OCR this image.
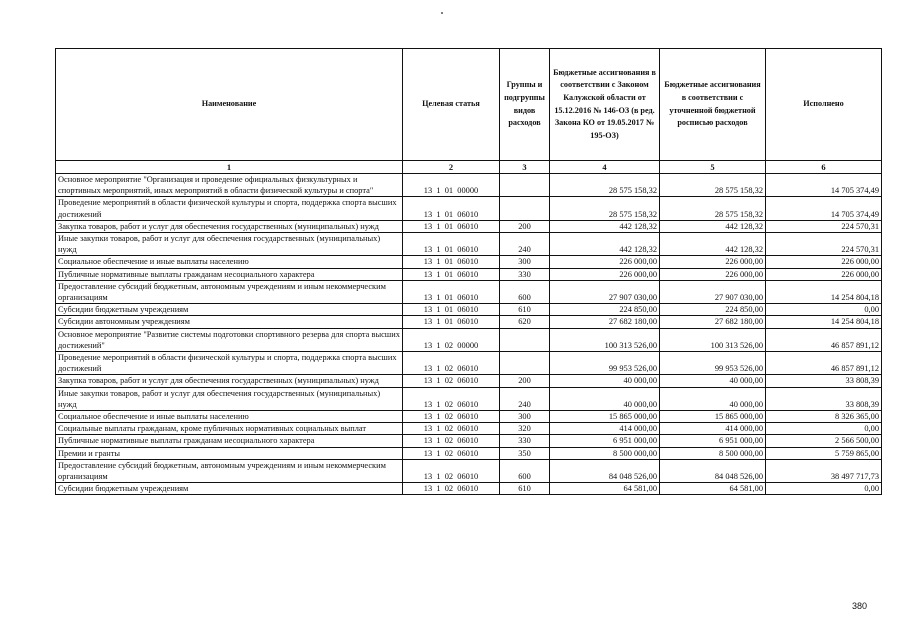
Наименование	Целевая статья	Группы и подгруппы видов расходов	Бюджетные ассигнования в соответствии с Законом Калужской области от 15.12.2016 № 146-ОЗ (в ред. Закона КО от 19.05.2017 № 195-ОЗ)	Бюджетные ассигнования в соответствии с уточненной бюджетной росписью расходов	Исполнено
1	2	3	4	5	6
Основное мероприятие "Организация и проведение официальных физкультурных и спортивных мероприятий, иных мероприятий в области физической культуры и спорта"	13  1  01  00000		28 575 158,32	28 575 158,32	14 705 374,49
Проведение мероприятий в области физической культуры и спорта, поддержка спорта высших достижений	13  1  01  06010		28 575 158,32	28 575 158,32	14 705 374,49
Закупка товаров, работ и услуг для обеспечения государственных (муниципальных) нужд	13  1  01  06010	200	442 128,32	442 128,32	224 570,31
Иные закупки товаров, работ и услуг для обеспечения государственных (муниципальных) нужд	13  1  01  06010	240	442 128,32	442 128,32	224 570,31
Социальное обеспечение и иные выплаты населению	13  1  01  06010	300	226 000,00	226 000,00	226 000,00
Публичные нормативные выплаты гражданам несоциального характера	13  1  01  06010	330	226 000,00	226 000,00	226 000,00
Предоставление субсидий бюджетным, автономным учреждениям и иным некоммерческим организациям	13  1  01  06010	600	27 907 030,00	27 907 030,00	14 254 804,18
Субсидии бюджетным учреждениям	13  1  01  06010	610	224 850,00	224 850,00	0,00
Субсидии автономным учреждениям	13  1  01  06010	620	27 682 180,00	27 682 180,00	14 254 804,18
Основное мероприятие "Развитие системы подготовки спортивного резерва для спорта высших достижений"	13  1  02  00000		100 313 526,00	100 313 526,00	46 857 891,12
Проведение мероприятий в области физической культуры и спорта, поддержка спорта высших достижений	13  1  02  06010		99 953 526,00	99 953 526,00	46 857 891,12
Закупка товаров, работ и услуг для обеспечения государственных (муниципальных) нужд	13  1  02  06010	200	40 000,00	40 000,00	33 808,39
Иные закупки товаров, работ и услуг для обеспечения государственных (муниципальных) нужд	13  1  02  06010	240	40 000,00	40 000,00	33 808,39
Социальное обеспечение и иные выплаты населению	13  1  02  06010	300	15 865 000,00	15 865 000,00	8 326 365,00
Социальные выплаты гражданам, кроме публичных нормативных социальных выплат	13  1  02  06010	320	414 000,00	414 000,00	0,00
Публичные нормативные выплаты гражданам несоциального характера	13  1  02  06010	330	6 951 000,00	6 951 000,00	2 566 500,00
Премии и гранты	13  1  02  06010	350	8 500 000,00	8 500 000,00	5 759 865,00
Предоставление субсидий бюджетным, автономным учреждениям и иным некоммерческим организациям	13  1  02  06010	600	84 048 526,00	84 048 526,00	38 497 717,73
Субсидии бюджетным учреждениям	13  1  02  06010	610	64 581,00	64 581,00	0,00
380
